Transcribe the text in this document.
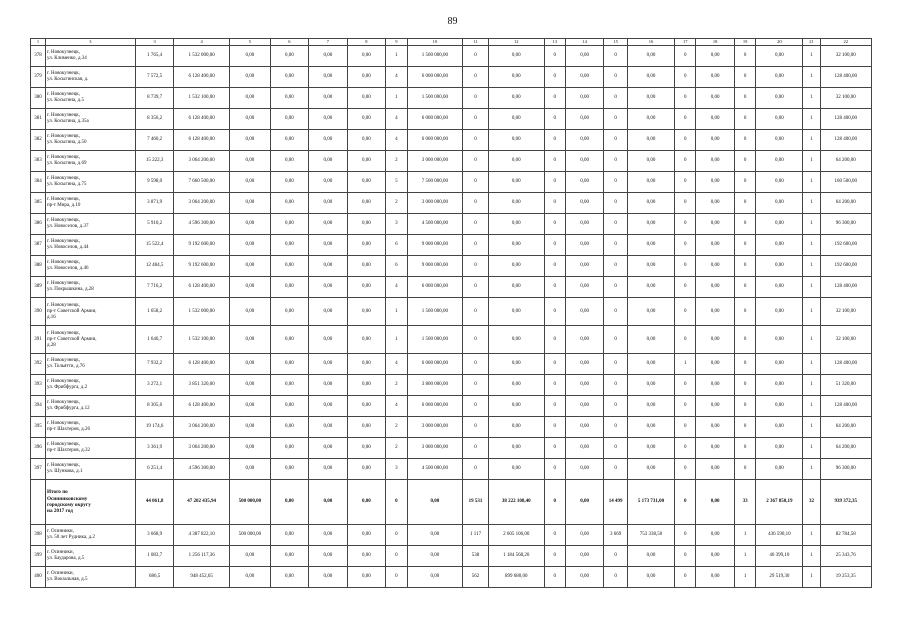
89
1	3	3	4	5	6	7	8	9	10	11	12	13	14	15	16	17	18	19	20	21	22
378	г. Новокузнецк,
ул. Клименко, д.34	1 765,4	1 532 000,00	0,00	0,00	0,00	0,00	1	1 500 000,00	0	0,00	0	0,00	0	0,00	0	0,00	0	0,00	1	32 100,00
379	г. Новокузнецк,
ул. Косыгинская, д.	7 572,5	6 128 400,00	0,00	0,00	0,00	0,00	4	6 000 000,00	0	0,00	0	0,00	0	0,00	0	0,00	0	0,00	1	128 400,00
380	г. Новокузнецк,
ул. Косыгина, д.5	8 739,7	1 532 100,00	0,00	0,00	0,00	0,00	1	1 500 000,00	0	0,00	0	0,00	0	0,00	0	0,00	0	0,00	1	32 100,00
381	г. Новокузнецк,
ул. Косыгина, д.35а	8 356,2	6 128 400,00	0,00	0,00	0,00	0,00	4	6 000 000,00	0	0,00	0	0,00	0	0,00	0	0,00	0	0,00	1	128 400,00
382	г. Новокузнецк,
ул. Косыгина, д.50	7 460,2	6 128 400,00	0,00	0,00	0,00	0,00	4	6 000 000,00	0	0,00	0	0,00	0	0,00	0	0,00	0	0,00	1	128 400,00
383	г. Новокузнецк,
ул. Косыгина, д.69	15 222,3	3 064 200,00	0,00	0,00	0,00	0,00	2	3 000 000,00	0	0,00	0	0,00	0	0,00	0	0,00	0	0,00	1	64 200,00
384	г. Новокузнецк,
ул. Косыгина, д.75	9 598,0	7 660 500,00	0,00	0,00	0,00	0,00	5	7 500 000,00	0	0,00	0	0,00	0	0,00	0	0,00	0	0,00	1	160 500,00
385	г. Новокузнецк,
пр-т Мира, д.10	3 871,9	3 064 200,00	0,00	0,00	0,00	0,00	2	3 000 000,00	0	0,00	0	0,00	0	0,00	0	0,00	0	0,00	1	64 200,00
386	г. Новокузнецк,
ул. Новоселов, д.37	5 910,2	4 596 300,00	0,00	0,00	0,00	0,00	3	4 500 000,00	0	0,00	0	0,00	0	0,00	0	0,00	0	0,00	1	96 300,00
387	г. Новокузнецк,
ул. Новоселов, д.44	15 522,4	9 192 600,00	0,00	0,00	0,00	0,00	6	9 000 000,00	0	0,00	0	0,00	0	0,00	0	0,00	0	0,00	1	192 600,00
388	г. Новокузнецк,
ул. Новоселов, д.46	12 484,5	9 192 600,00	0,00	0,00	0,00	0,00	6	9 000 000,00	0	0,00	0	0,00	0	0,00	0	0,00	0	0,00	1	192 600,00
389	г. Новокузнецк,
ул. Покрышкина, д.28	7 716,2	6 128 400,00	0,00	0,00	0,00	0,00	4	6 000 000,00	0	0,00	0	0,00	0	0,00	0	0,00	0	0,00	1	128 400,00
390	г. Новокузнецк,
пр-т Советской Армии,
д.16	1 658,2	1 532 000,00	0,00	0,00	0,00	0,00	1	1 500 000,00	0	0,00	0	0,00	0	0,00	0	0,00	0	0,00	1	32 100,00
391	г. Новокузнецк,
пр-т Советской Армии,
д.28	1 646,7	1 532 100,00	0,00	0,00	0,00	0,00	1	1 500 000,00	0	0,00	0	0,00	0	0,00	0	0,00	0	0,00	1	32 100,00
392	г. Новокузнецк,
ул. Тольятти, д.76	7 932,2	6 128 400,00	0,00	0,00	0,00	0,00	4	6 000 000,00	0	0,00	0	0,00	0	0,00	1	0,00	0	0,00	1	128 400,00
393	г. Новокузнецк,
ул. Фрибфурга, д.2	3 272,1	3 851 320,00	0,00	0,00	0,00	0,00	2	3 800 000,00	0	0,00	0	0,00	0	0,00	0	0,00	0	0,00	1	51 320,00
394	г. Новокузнецк,
ул. Фрибфурга, д.12	8 305,6	6 128 400,00	0,00	0,00	0,00	0,00	4	6 000 000,00	0	0,00	0	0,00	0	0,00	0	0,00	0	0,00	1	128 400,00
395	г. Новокузнецк,
пр-т Шахтеров, д.26	19 174,6	3 064 200,00	0,00	0,00	0,00	0,00	2	3 000 000,00	0	0,00	0	0,00	0	0,00	0	0,00	0	0,00	1	64 200,00
396	г. Новокузнецк,
пр-т Шахтеров, д.32	3 361,9	3 064 200,00	0,00	0,00	0,00	0,00	2	3 000 000,00	0	0,00	0	0,00	0	0,00	0	0,00	0	0,00	1	64 200,00
397	г. Новокузнецк,
ул. Шункова, д.1	6 251,4	4 596 300,00	0,00	0,00	0,00	0,00	3	4 500 000,00	0	0,00	0	0,00	0	0,00	0	0,00	0	0,00	1	96 300,00
	Итого по
Осинниковскому
городскому округу
на 2017 год	44 061,8	47 202 435,94	500 000,00	0,00	0,00	0,00	0	0,00	19 531	38 222 108,40	0	0,00	14 499	5 173 731,00	0	0,00	33	2 367 850,19	32	939 372,35
398	г. Осинники,
ул. 50 лет Рудника, д.2	3 668,9	4 387 822,10	500 000,00	0,00	0,00	0,00	0	0,00	1 117	2 605 106,00	0	0,00	3 669	753 338,50	0	0,00	1	436 590,10	1	82 784,58
399	г. Осинники,
ул. Баударова, д.5	1 083,7	1 256 117,36	0,00	0,00	0,00	0,00	0	0,00	538	1 184 568,20	0	0,00	0	0,00	0	0,00	1	46 399,10	1	25 343,76
400	г. Осинники,
ул. Вокзальная, д.5	686,5	948 452,65	0,00	0,00	0,00	0,00	0	0,00	562	899 680,00	0	0,00	0	0,00	0	0,00	1	29 519,30	1	19 253,35
